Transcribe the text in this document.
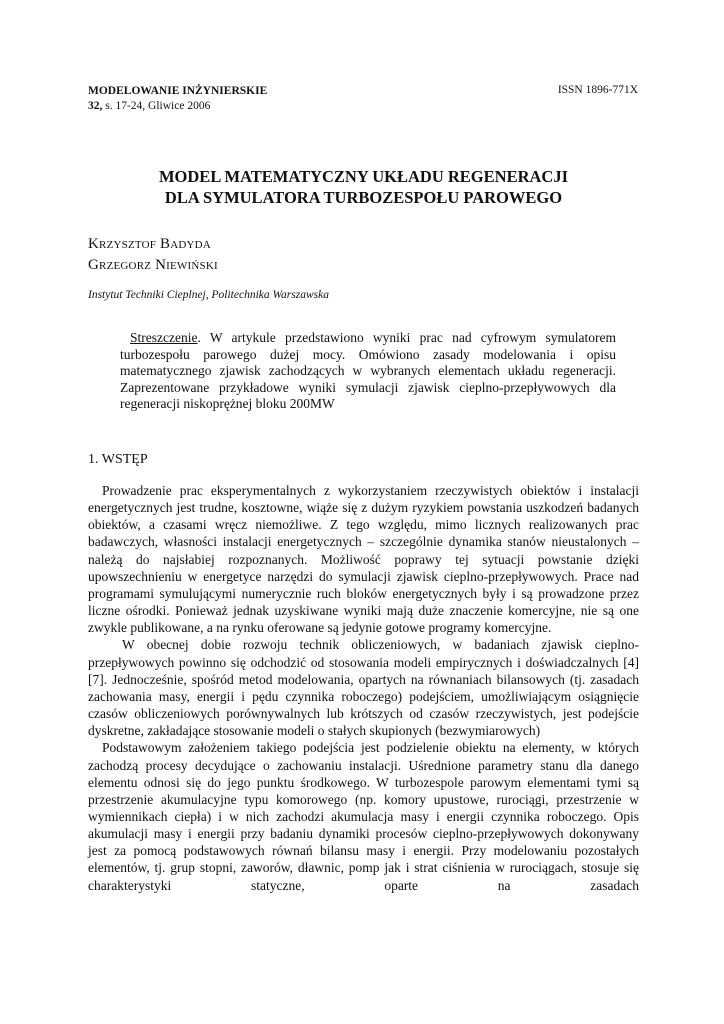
MODELOWANIE INŻYNIERSKIE
32, s. 17-24, Gliwice 2006
ISSN 1896-771X
MODEL MATEMATYCZNY UKŁADU REGENERACJI
DLA SYMULATORA TURBOZESPOŁU PAROWEGO
Krzysztof Badyda
Grzegorz Niewiński
Instytut Techniki Cieplnej, Politechnika Warszawska
Streszczenie. W artykule przedstawiono wyniki prac nad cyfrowym symulatorem turbozespołu parowego dużej mocy. Omówiono zasady modelowania i opisu matematycznego zjawisk zachodzących w wybranych elementach układu regeneracji. Zaprezentowane przykładowe wyniki symulacji zjawisk cieplno-przepływowych dla regeneracji niskoprężnej bloku 200MW
1. WSTĘP

Prowadzenie prac eksperymentalnych z wykorzystaniem rzeczywistych obiektów i instalacji energetycznych jest trudne, kosztowne, wiąże się z dużym ryzykiem powstania uszkodzeń badanych obiektów, a czasami wręcz niemożliwe. Z tego względu, mimo licznych realizowanych prac badawczych, własności instalacji energetycznych – szczególnie dynamika stanów nieustalonych – należą do najsłabiej rozpoznanych. Możliwość poprawy tej sytuacji powstanie dzięki upowszechnieniu w energetyce narzędzi do symulacji zjawisk cieplno-przepływowych. Prace nad programami symulującymi numerycznie ruch bloków energetycznych były i są prowadzone przez liczne ośrodki. Ponieważ jednak uzyskiwane wyniki mają duże znaczenie komercyjne, nie są one zwykle publikowane, a na rynku oferowane są jedynie gotowe programy komercyjne.

W obecnej dobie rozwoju technik obliczeniowych, w badaniach zjawisk cieplno-przepływowych powinno się odchodzić od stosowania modeli empirycznych i doświadczalnych [4][7]. Jednocześnie, spośród metod modelowania, opartych na równaniach bilansowych (tj. zasadach zachowania masy, energii i pędu czynnika roboczego) podejściem, umożliwiającym osiągnięcie czasów obliczeniowych porównywalnych lub krótszych od czasów rzeczywistych, jest podejście dyskretne, zakładające stosowanie modeli o stałych skupionych (bezwymiarowych)

Podstawowym założeniem takiego podejścia jest podzielenie obiektu na elementy, w których zachodzą procesy decydujące o zachowaniu instalacji. Uśrednione parametry stanu dla danego elementu odnosi się do jego punktu środkowego. W turbozespole parowym elementami tymi są przestrzenie akumulacyjne typu komorowego (np. komory upustowe, rurociągi, przestrzenie w wymiennikach ciepła) i w nich zachodzi akumulacja masy i energii czynnika roboczego. Opis akumulacji masy i energii przy badaniu dynamiki procesów cieplno-przepływowych dokonywany jest za pomocą podstawowych równań bilansu masy i energii. Przy modelowaniu pozostałych elementów, tj. grup stopni, zaworów, dławnic, pomp jak i strat ciśnienia w rurociągach, stosuje się charakterystyki statyczne, oparte na zasadach
